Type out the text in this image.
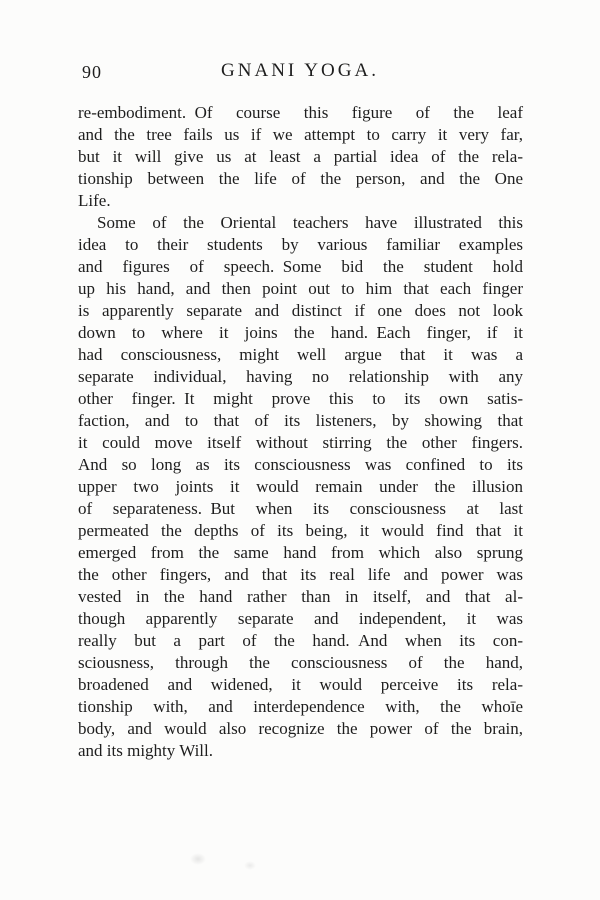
90	GNANI YOGA.
re-embodiment. Of course this figure of the leaf
and the tree fails us if we attempt to carry it very far,
but it will give us at least a partial idea of the rela-
tionship between the life of the person, and the One
Life.
Some of the Oriental teachers have illustrated this
idea to their students by various familiar examples
and figures of speech. Some bid the student hold
up his hand, and then point out to him that each finger
is apparently separate and distinct if one does not look
down to where it joins the hand. Each finger, if it
had consciousness, might well argue that it was a
separate individual, having no relationship with any
other finger. It might prove this to its own satis-
faction, and to that of its listeners, by showing that
it could move itself without stirring the other fingers.
And so long as its consciousness was confined to its
upper two joints it would remain under the illusion
of separateness. But when its consciousness at last
permeated the depths of its being, it would find that it
emerged from the same hand from which also sprung
the other fingers, and that its real life and power was
vested in the hand rather than in itself, and that al-
though apparently separate and independent, it was
really but a part of the hand. And when its con-
sciousness, through the consciousness of the hand,
broadened and widened, it would perceive its rela-
tionship with, and interdependence with, the whoīe
body, and would also recognize the power of the brain,
and its mighty Will.
